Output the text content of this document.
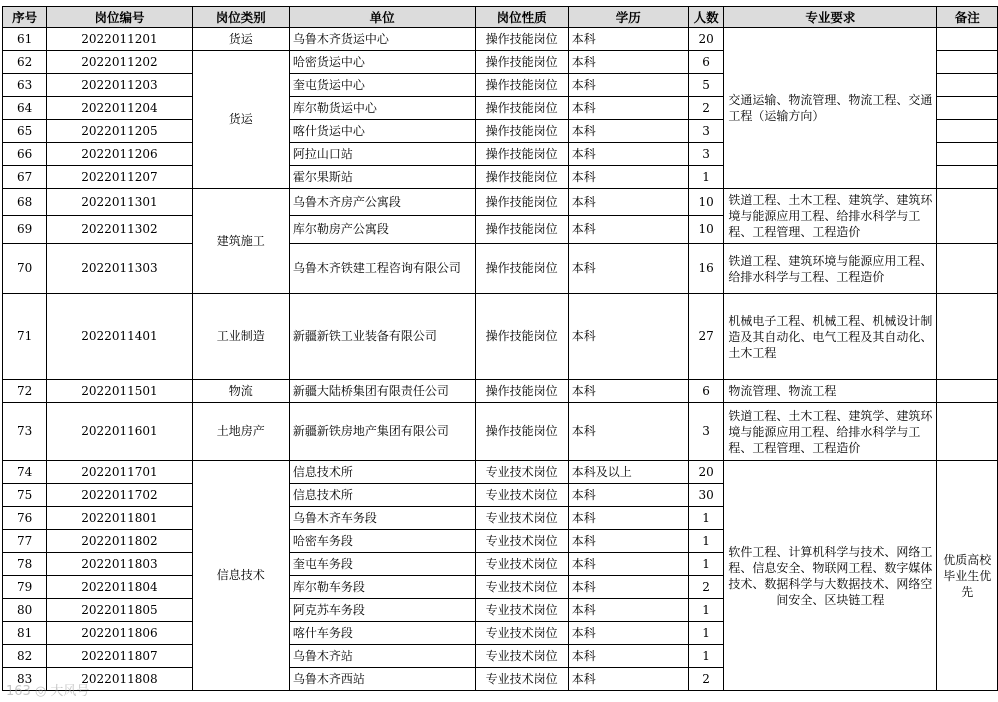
序号	岗位编号	岗位类别	单位	岗位性质	学历	人数	专业要求	备注
61	2022011201	货运	乌鲁木齐货运中心	操作技能岗位	本科	20	交通运输、物流管理、物流工程、交通工程（运输方向）	
62	2022011202	货运	哈密货运中心	操作技能岗位	本科	6		
63	2022011203		奎屯货运中心	操作技能岗位	本科	5		
64	2022011204		库尔勒货运中心	操作技能岗位	本科	2		
65	2022011205		喀什货运中心	操作技能岗位	本科	3		
66	2022011206		阿拉山口站	操作技能岗位	本科	3		
67	2022011207		霍尔果斯站	操作技能岗位	本科	1		
68	2022011301	建筑施工	乌鲁木齐房产公寓段	操作技能岗位	本科	10	铁道工程、土木工程、建筑学、建筑环境与能源应用工程、给排水科学与工程、工程管理、工程造价	
69	2022011302		库尔勒房产公寓段	操作技能岗位	本科	10		
70	2022011303		乌鲁木齐铁建工程咨询有限公司	操作技能岗位	本科	16	铁道工程、建筑环境与能源应用工程、给排水科学与工程、工程造价	
71	2022011401	工业制造	新疆新铁工业装备有限公司	操作技能岗位	本科	27	机械电子工程、机械工程、机械设计制造及其自动化、电气工程及其自动化、土木工程	
72	2022011501	物流	新疆大陆桥集团有限责任公司	操作技能岗位	本科	6	物流管理、物流工程	
73	2022011601	土地房产	新疆新铁房地产集团有限公司	操作技能岗位	本科	3	铁道工程、土木工程、建筑学、建筑环境与能源应用工程、给排水科学与工程、工程管理、工程造价	
74	2022011701	信息技术	信息技术所	专业技术岗位	本科及以上	20	软件工程、计算机科学与技术、网络工程、信息安全、物联网工程、数字媒体技术、数据科学与大数据技术、网络空间安全、区块链工程	优质高校毕业生优先
75	2022011702		信息技术所	专业技术岗位	本科	30		
76	2022011801		乌鲁木齐车务段	专业技术岗位	本科	1		
77	2022011802		哈密车务段	专业技术岗位	本科	1		
78	2022011803		奎屯车务段	专业技术岗位	本科	1		
79	2022011804		库尔勒车务段	专业技术岗位	本科	2		
80	2022011805		阿克苏车务段	专业技术岗位	本科	1		
81	2022011806		喀什车务段	专业技术岗位	本科	1		
82	2022011807		乌鲁木齐站	专业技术岗位	本科	1		
83	2022011808		乌鲁木齐西站	专业技术岗位	本科	2		
163 ◎ 大风号
